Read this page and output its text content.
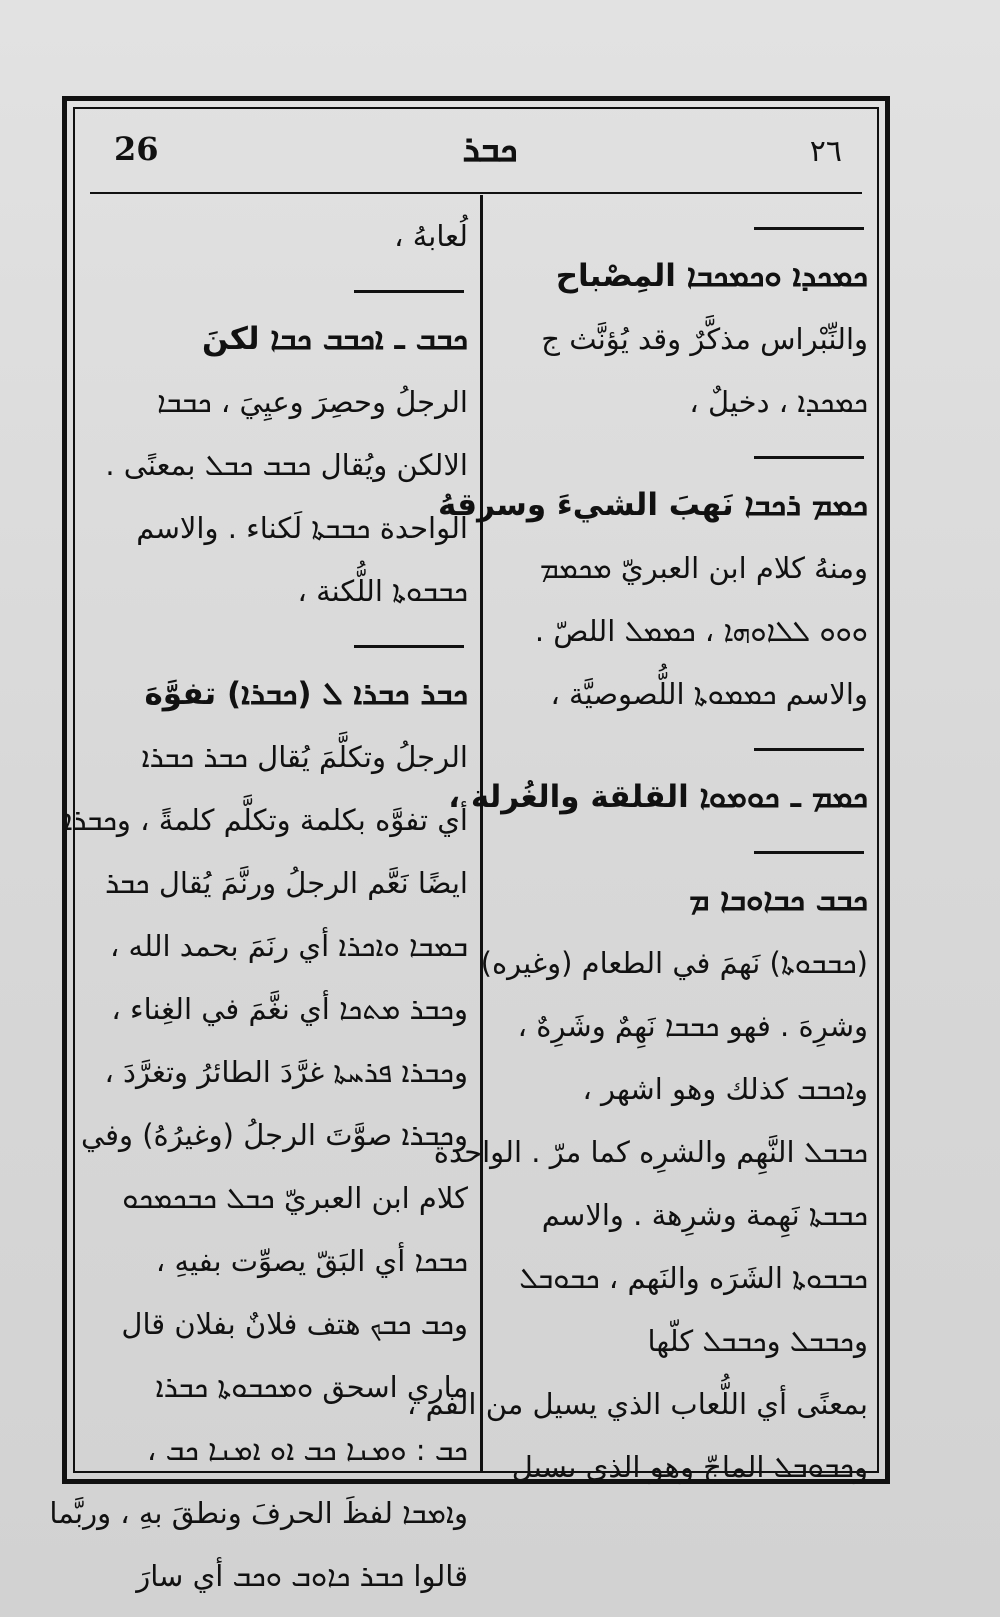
26	ܟܒܪ	٢٦
ܟܡܟܕܐ ܘܟܡܟܒܐ المِصْباح
والنِّبْراس مذكَّرٌ وقد يُؤنَّث ج
ܟܡܟܕܐ ، دخيلٌ ،
ܟܡܡ ܪܟܒܐ نَهبَ الشيءَ وسرقهُ
ومنهُ كلام ابن العبريّ ܡܟܡܡ
ܘܘܘ ܠܠܐܘܗܐ ، ܟܡܡܠ اللصّ .
والاسم ܟܡܡܘܬܐ اللُّصوصيَّة ،
ܟܡܡ ـ ܟܘܡܘܐ القلقة والغُرلة ،
ܟܒܒ ܟܒܐܘܒܐ ܡ
(ܟܒܒܘܬܐ) نَهمَ في الطعام (وغيره)
وشرِهَ . فهو ܟܒܒܐ نَهِمٌ وشَرِهٌ ،
وܐܟܒܒ كذلك وهو اشهر ،
ܟܒܒܠ النَّهِم والشرِه كما مرّ . الواحدة
ܟܒܒܬܐ نَهِمة وشرِهة . والاسم
ܟܒܒܘܬܐ الشَرَه والنَهم ، ܟܒܘܒܠ
وܟܒܒܠ وܟܒܒܠ كلّها
بمعنًى أي اللُّعاب الذي يسيل من الفم ،
وܟܒܘܒܠ الماجّ وهو الذي يسيل
لُعابهُ ،
ܟܒܒ ـ ܐܟܒܒ ܟܒܐ لكنَ
الرجلُ وحصِرَ وعيِيَ ، ܟܒܒܐ
الالكن ويُقال ܟܒܒ ܟܒܠ بمعنًى .
الواحدة ܟܒܒܬܐ لَكناء . والاسم
ܟܒܒܘܬܐ اللُّكنة ،
ܟܒܪ ܟܒܪܐ ܠ (ܟܒܪܐ) تفوَّهَ
الرجلُ وتكلَّمَ يُقال ܟܒܪ ܟܒܪܐ
أي تفوَّه بكلمة وتكلَّم كلمةً ، وܟܒܪܐ
ايضًا نَعَّم الرجلُ ورنَّمَ يُقال ܟܒܪ
ܒܡܒܐ ܘܐܟܪܐ أي رنَمَ بحمد الله ،
وܟܒܪ ܡܬܟܐ أي نغَّمَ في الغِناء ،
وܟܒܪܐ ܦܪܚܬܐ غرَّدَ الطائرُ وتغرَّدَ ،
وܟܒܪܐ صوَّتَ الرجلُ (وغيرُهُ) وفي
كلام ابن العبريّ ܟܒܠ ܟܒܟܡܟܘ
ܟܒܟܐ أي البَقّ يصوِّت بفيهِ ،
وܟܒ ܟܒܟ هتف فلانٌ بفلان قال
ماري اسحق ܘܡܟܒܘܬܐ ܟܒܪܐ
ܟܒ : ܘܡܢܐ ܟܒ ܐܘ ܐܡܢܐ ܟܒ ،
وܐܡܒܐ لفظَ الحرفَ ونطقَ بهِ ، وربَّما
قالوا ܟܒܪ ܟܐܘܒ ܘܟܒ أي سارَ
